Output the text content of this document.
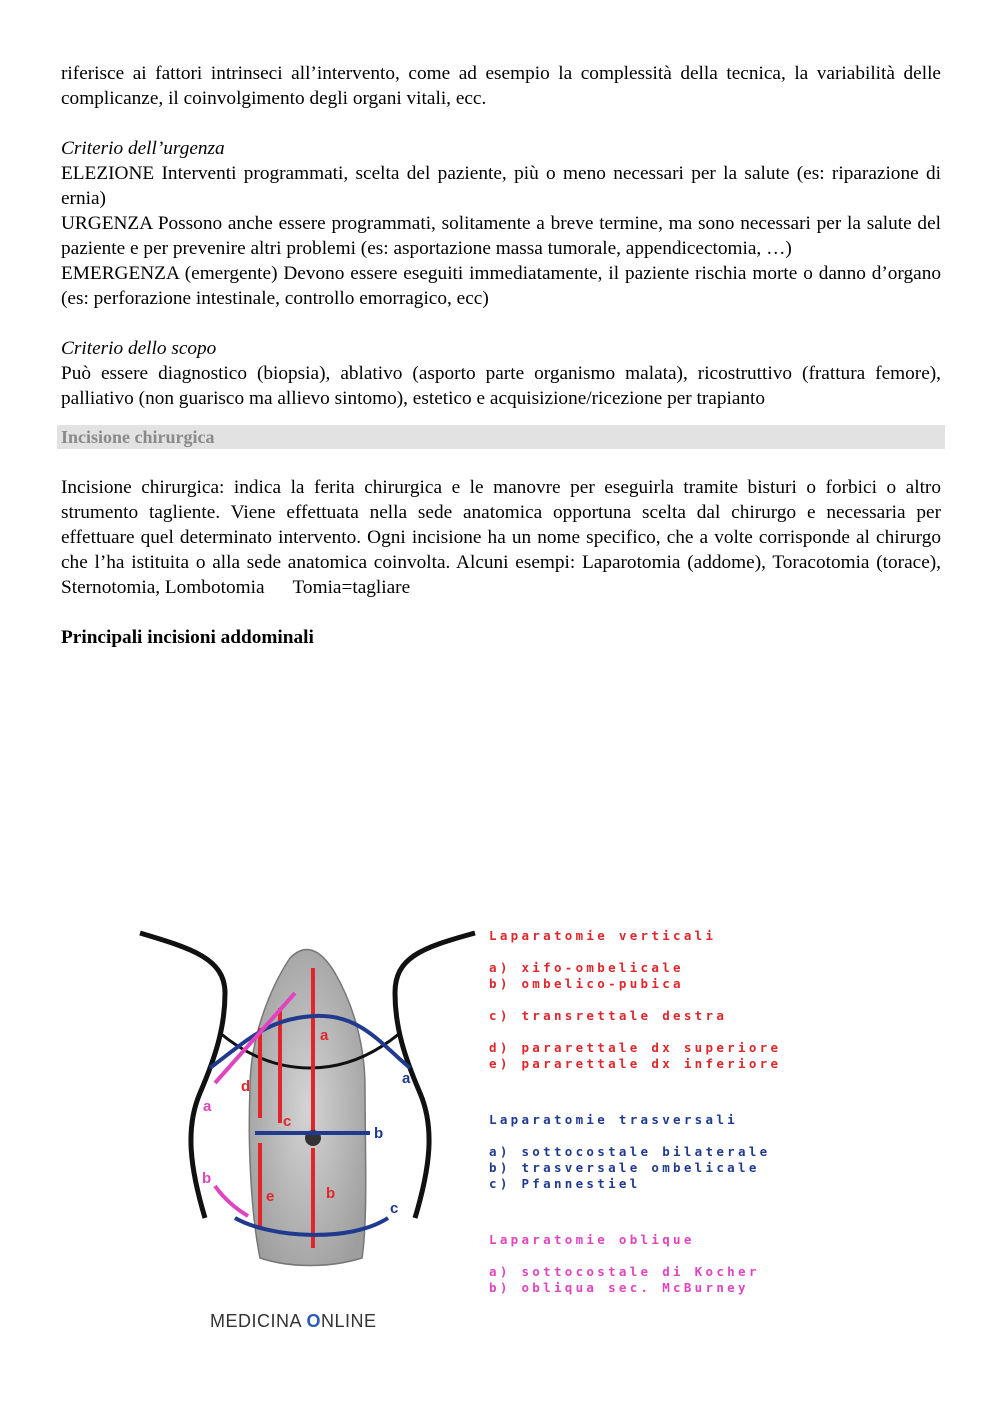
riferisce ai fattori intrinseci all’intervento, come ad esempio la complessità della tecnica, la variabilità delle complicanze, il coinvolgimento degli organi vitali, ecc.

Criterio dell’urgenza

ELEZIONE Interventi programmati, scelta del paziente, più o meno necessari per la salute (es: riparazione di ernia)

URGENZA Possono anche essere programmati, solitamente a breve termine, ma sono necessari per la salute del paziente e per prevenire altri problemi (es: asportazione massa tumorale, appendicectomia, …)

EMERGENZA (emergente) Devono essere eseguiti immediatamente, il paziente rischia morte o danno d’organo (es: perforazione intestinale, controllo emorragico, ecc)

Criterio dello scopo

Può essere diagnostico (biopsia), ablativo (asporto parte organismo malata), ricostruttivo (frattura femore), palliativo (non guarisco ma allievo sintomo), estetico e acquisizione/ricezione per trapianto

Incisione chirurgica

Incisione chirurgica: indica la ferita chirurgica e le manovre per eseguirla tramite bisturi o forbici o altro strumento tagliente. Viene effettuata nella sede anatomica opportuna scelta dal chirurgo e necessaria per effettuare quel determinato intervento. Ogni incisione ha un nome specifico, che a volte corrisponde al chirurgo che l’ha istituita o alla sede anatomica coinvolta. Alcuni esempi: Laparotomia (addome), Toracotomia (torace), Sternotomia, Lombotomia Tomia=tagliare

Principali incisioni addominali

a
b
c
d
e
a
b
c
a
b
MEDICINA ONLINE
Laparatomie verticali
a) xifo-ombelicale
b) ombelico-pubica
c) transrettale destra
d) pararettale dx superiore
e) pararettale dx inferiore
Laparatomie trasversali
a) sottocostale bilaterale
b) trasversale ombelicale
c) Pfannestiel
Laparatomie oblique
a) sottocostale di Kocher
b) obliqua sec. McBurney
